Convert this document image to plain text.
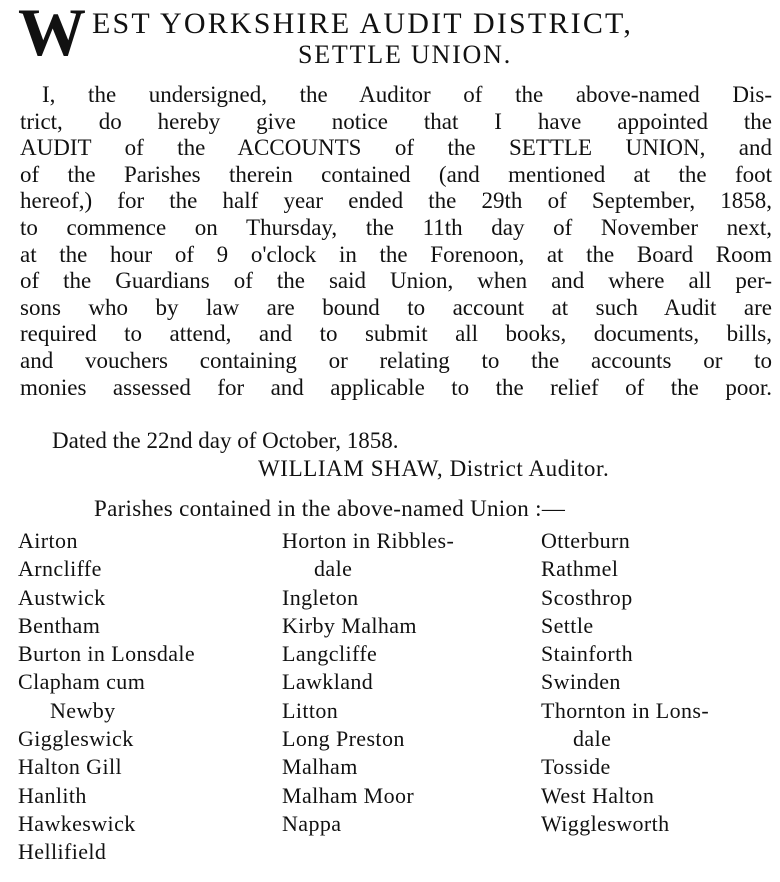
W EST YORKSHIRE AUDIT DISTRICT,
SETTLE UNION.
I, the undersigned, the Auditor of the above-named Dis-
trict, do hereby give notice that I have appointed the
AUDIT of the ACCOUNTS of the SETTLE UNION, and
of the Parishes therein contained (and mentioned at the foot
hereof,) for the half year ended the 29th of September, 1858,
to commence on Thursday, the 11th day of November next,
at the hour of 9 o'clock in the Forenoon, at the Board Room
of the Guardians of the said Union, when and where all per-
sons who by law are bound to account at such Audit are
required to attend, and to submit all books, documents, bills,
and vouchers containing or relating to the accounts or to
monies assessed for and applicable to the relief of the poor.
Dated the 22nd day of October, 1858.
WILLIAM SHAW, District Auditor.
Parishes contained in the above-named Union :—
Airton
Arncliffe
Austwick
Bentham
Burton in Lonsdale
Clapham cum
Newby
Giggleswick
Halton Gill
Hanlith
Hawkeswick
Hellifield
Horton in Ribbles-
dale
Ingleton
Kirby Malham
Langcliffe
Lawkland
Litton
Long Preston
Malham
Malham Moor
Nappa
Otterburn
Rathmel
Scosthrop
Settle
Stainforth
Swinden
Thornton in Lons-
dale
Tosside
West Halton
Wigglesworth
